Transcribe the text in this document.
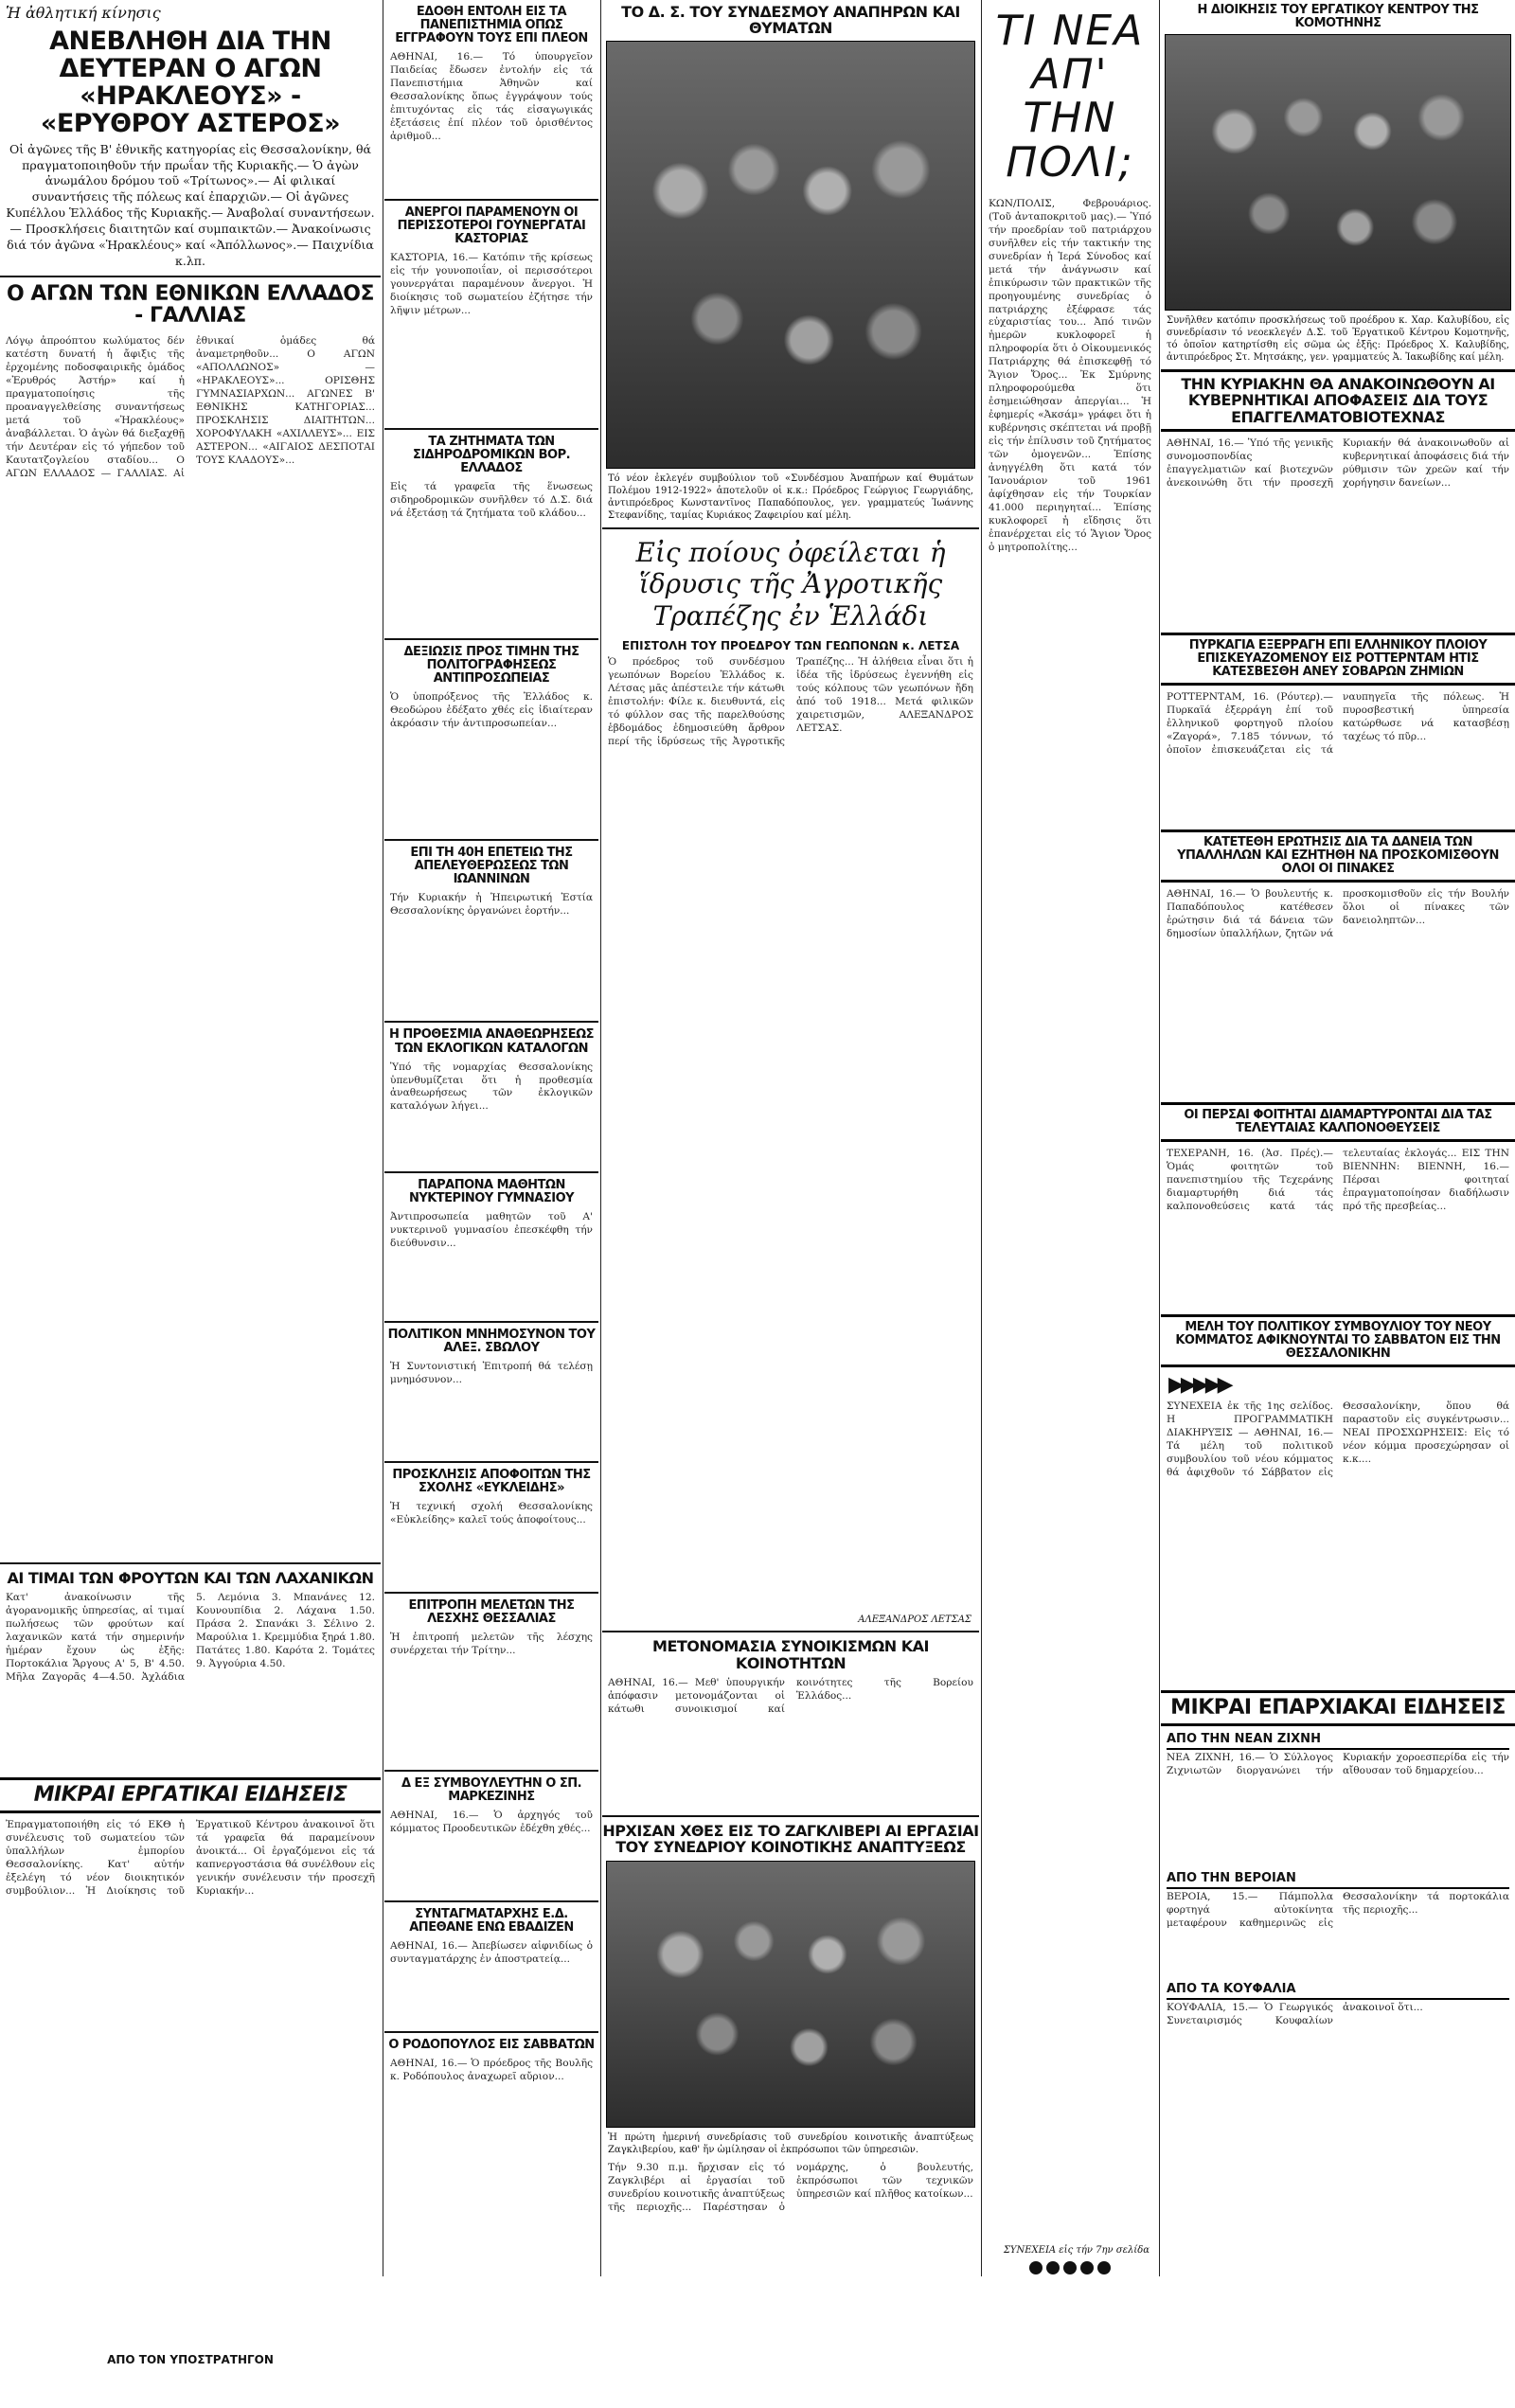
Ἡ ἀθλητική κίνησις
ΑΝΕΒΛΗΘΗ ΔΙΑ ΤΗΝ ΔΕΥΤΕΡΑΝ Ο ΑΓΩΝ «ΗΡΑΚΛΕΟΥΣ» - «ΕΡΥΘΡΟΥ ΑΣΤΕΡΟΣ»
Οἱ ἀγῶνες τῆς Β' ἐθνικῆς κατηγορίας εἰς Θεσσαλονίκην, θά πραγματοποιηθοῦν τήν πρωΐαν τῆς Κυριακῆς.— Ὁ ἀγὼν ἀνωμάλου δρόμου τοῦ «Τρίτωνος».— Αἱ φιλικαί συναντήσεις τῆς πόλεως καί ἐπαρχιῶν.— Οἱ ἀγῶνες Κυπέλλου Ἑλλάδος τῆς Κυριακῆς.— Ἀναβολαί συναντήσεων.— Προσκλήσεις διαιτητῶν καί συμπαικτῶν.— Ἀνακοίνωσις διά τόν ἀγῶνα «Ἡρακλέους» καί «Ἀπόλλωνος».— Παιχνίδια κ.λπ.
Ο ΑΓΩΝ ΤΩΝ ΕΘΝΙΚΩΝ ΕΛΛΑΔΟΣ - ΓΑΛΛΙΑΣ
Λόγῳ ἀπροόπτου κωλύματος δέν κατέστη δυνατή ἡ ἄφιξις τῆς ἐρχομένης ποδοσφαιρικῆς ὁμάδος «Ἐρυθρός Ἀστήρ» καί ἡ πραγματοποίησις τῆς προαναγγελθείσης συναντήσεως μετά τοῦ «Ἡρακλέους» ἀναβάλλεται. Ὁ ἀγὼν θά διεξαχθῇ τήν Δευτέραν εἰς τό γήπεδον τοῦ Καυτατζογλείου σταδίου... Ο ΑΓΩΝ ΕΛΛΑΔΟΣ — ΓΑΛΛΙΑΣ. Αἱ ἐθνικαί ὁμάδες θά ἀναμετρηθοῦν... Ο ΑΓΩΝ «ΑΠΟΛΛΩΝΟΣ» — «ΗΡΑΚΛΕΟΥΣ»... ΟΡΙΣΘΗΣ ΓΥΜΝΑΣΙΑΡΧΩΝ... ΑΓΩΝΕΣ Β' ΕΘΝΙΚΗΣ ΚΑΤΗΓΟΡΙΑΣ... ΠΡΟΣΚΛΗΣΙΣ ΔΙΑΙΤΗΤΩΝ... ΧΟΡΟΦΥΛΑΚΗ «ΑΧΙΛΛΕΥΣ»... ΕΙΣ ΑΣΤΕΡΟΝ... «ΑΙΓΑΙΟΣ ΔΕΣΠΟΤΑΙ ΤΟΥΣ ΚΛΑΔΟΥΣ»...
ΑΙ ΤΙΜΑΙ ΤΩΝ ΦΡΟΥΤΩΝ ΚΑΙ ΤΩΝ ΛΑΧΑΝΙΚΩΝ
Κατ' ἀνακοίνωσιν τῆς ἀγορανομικῆς ὑπηρεσίας, αἱ τιμαί πωλήσεως τῶν φρούτων καί λαχανικῶν κατά τήν σημερινήν ἡμέραν ἔχουν ὡς ἑξῆς: Πορτοκάλια Ἄργους Α' 5, Β' 4.50. Μῆλα Ζαγορᾶς 4—4.50. Ἀχλάδια 5. Λεμόνια 3. Μπανάνες 12. Κουνουπίδια 2. Λάχανα 1.50. Πράσα 2. Σπανάκι 3. Σέλινο 2. Μαρούλια 1. Κρεμμύδια ξηρά 1.80. Πατάτες 1.80. Καρότα 2. Τομάτες 9. Ἀγγούρια 4.50.
ΜΙΚΡΑΙ ΕΡΓΑΤΙΚΑΙ ΕΙΔΗΣΕΙΣ
Ἐπραγματοποιήθη εἰς τό ΕΚΘ ἡ συνέλευσις τοῦ σωματείου τῶν ὑπαλλήλων ἐμπορίου Θεσσαλονίκης. Κατ' αὐτήν ἐξελέγη τό νέον διοικητικόν συμβούλιον... Ἡ Διοίκησις τοῦ Ἐργατικοῦ Κέντρου ἀνακοινοῖ ὅτι τά γραφεῖα θά παραμείνουν ἀνοικτά... Οἱ ἐργαζόμενοι εἰς τά καπνεργοστάσια θά συνέλθουν εἰς γενικήν συνέλευσιν τήν προσεχῆ Κυριακήν...
ΑΠΟ ΤΟΝ ΥΠΟΣΤΡΑΤΗΓΟΝ
ΕΔΟΘΗ ΕΝΤΟΛΗ ΕΙΣ ΤΑ ΠΑΝΕΠΙΣΤΗΜΙΑ ΟΠΩΣ ΕΓΓΡΑΦΟΥΝ ΤΟΥΣ ΕΠΙ ΠΛΕΟΝ
ΑΘΗΝΑΙ, 16.— Τό ὑπουργεῖον Παιδείας ἔδωσεν ἐντολήν εἰς τά Πανεπιστήμια Ἀθηνῶν καί Θεσσαλονίκης ὅπως ἐγγράψουν τούς ἐπιτυχόντας εἰς τάς εἰσαγωγικάς ἐξετάσεις ἐπί πλέον τοῦ ὁρισθέντος ἀριθμοῦ...
ΑΝΕΡΓΟΙ ΠΑΡΑΜΕΝΟΥΝ ΟΙ ΠΕΡΙΣΣΟΤΕΡΟΙ ΓΟΥΝΕΡΓΑΤΑΙ ΚΑΣΤΟΡΙΑΣ
ΚΑΣΤΟΡΙΑ, 16.— Κατόπιν τῆς κρίσεως εἰς τήν γουνοποιΐαν, οἱ περισσότεροι γουνεργάται παραμένουν ἄνεργοι. Ἡ διοίκησις τοῦ σωματείου ἐζήτησε τήν λῆψιν μέτρων...
ΤΑ ΖΗΤΗΜΑΤΑ ΤΩΝ ΣΙΔΗΡΟΔΡΟΜΙΚΩΝ ΒΟΡ. ΕΛΛΑΔΟΣ
Εἰς τά γραφεῖα τῆς ἕνωσεως σιδηροδρομικῶν συνῆλθεν τό Δ.Σ. διά νά ἐξετάσῃ τά ζητήματα τοῦ κλάδου...
ΔΕΞΙΩΣΙΣ ΠΡΟΣ ΤΙΜΗΝ ΤΗΣ ΠΟΛΙΤΟΓΡΑΦΗΣΕΩΣ ΑΝΤΙΠΡΟΣΩΠΕΙΑΣ
Ὁ ὑποπρόξενος τῆς Ἑλλάδος κ. Θεοδώρου ἐδέξατο χθές εἰς ἰδιαίτεραν ἀκρόασιν τήν ἀντιπροσωπείαν...
ΕΠΙ ΤΗ 40Η ΕΠΕΤΕΙΩ ΤΗΣ ΑΠΕΛΕΥΘΕΡΩΣΕΩΣ ΤΩΝ ΙΩΑΝΝΙΝΩΝ
Τήν Κυριακήν ἡ Ἡπειρωτική Ἑστία Θεσσαλονίκης ὀργανώνει ἑορτήν...
Η ΠΡΟΘΕΣΜΙΑ ΑΝΑΘΕΩΡΗΣΕΩΣ ΤΩΝ ΕΚΛΟΓΙΚΩΝ ΚΑΤΑΛΟΓΩΝ
Ὑπό τῆς νομαρχίας Θεσσαλονίκης ὑπενθυμίζεται ὅτι ἡ προθεσμία ἀναθεωρήσεως τῶν ἐκλογικῶν καταλόγων λήγει...
ΠΑΡΑΠΟΝΑ ΜΑΘΗΤΩΝ ΝΥΚΤΕΡΙΝΟΥ ΓΥΜΝΑΣΙΟΥ
Ἀντιπροσωπεία μαθητῶν τοῦ Α' νυκτερινοῦ γυμνασίου ἐπεσκέφθη τήν διεύθυνσιν...
ΠΟΛΙΤΙΚΟΝ ΜΝΗΜΟΣΥΝΟΝ ΤΟΥ ΑΛΕΞ. ΣΒΩΛΟΥ
Ἡ Συντονιστική Ἐπιτροπή θά τελέσῃ μνημόσυνον...
ΠΡΟΣΚΛΗΣΙΣ ΑΠΟΦΟΙΤΩΝ ΤΗΣ ΣΧΟΛΗΣ «ΕΥΚΛΕΙΔΗΣ»
Ἡ τεχνική σχολή Θεσσαλονίκης «Εὐκλείδης» καλεῖ τούς ἀποφοίτους...
ΕΠΙΤΡΟΠΗ ΜΕΛΕΤΩΝ ΤΗΣ ΛΕΣΧΗΣ ΘΕΣΣΑΛΙΑΣ
Ἡ ἐπιτροπή μελετῶν τῆς λέσχης συνέρχεται τήν Τρίτην...
Δ ΕΞ ΣΥΜΒΟΥΛΕΥΤΗΝ Ο ΣΠ. ΜΑΡΚΕΖΙΝΗΣ
ΑΘΗΝΑΙ, 16.— Ὁ ἀρχηγός τοῦ κόμματος Προοδευτικῶν ἐδέχθη χθές...
ΣΥΝΤΑΓΜΑΤΑΡΧΗΣ Ε.Δ. ΑΠΕΘΑΝΕ ΕΝΩ ΕΒΑΔΙΖΕΝ
ΑΘΗΝΑΙ, 16.— Ἀπεβίωσεν αἰφνιδίως ὁ συνταγματάρχης ἐν ἀποστρατείᾳ...
Ο ΡΟΔΟΠΟΥΛΟΣ ΕΙΣ ΣΑΒΒΑΤΩΝ
ΑΘΗΝΑΙ, 16.— Ὁ πρόεδρος τῆς Βουλῆς κ. Ροδόπουλος ἀναχωρεῖ αὔριον...
ΤΟ Δ. Σ. ΤΟΥ ΣΥΝΔΕΣΜΟΥ ΑΝΑΠΗΡΩΝ ΚΑΙ ΘΥΜΑΤΩΝ
Τό νέον ἐκλεγέν συμβούλιον τοῦ «Συνδέσμου Ἀναπήρων καί Θυμάτων Πολέμου 1912-1922» ἀποτελοῦν οἱ κ.κ.: Πρόεδρος Γεώργιος Γεωργιάδης, ἀντιπρόεδρος Κωνσταντῖνος Παπαδόπουλος, γεν. γραμματεύς Ἰωάννης Στεφανίδης, ταμίας Κυριάκος Ζαφειρίου καί μέλη.
Εἰς ποίους ὀφείλεται ἡ ἵδρυσις τῆς Ἀγροτικῆς Τραπέζης ἐν Ἑλλάδι
ΕΠΙΣΤΟΛΗ ΤΟΥ ΠΡΟΕΔΡΟΥ ΤΩΝ ΓΕΩΠΟΝΩΝ κ. ΛΕΤΣΑ
Ὁ πρόεδρος τοῦ συνδέσμου γεωπόνων Βορείου Ἑλλάδος κ. Λέτσας μᾶς ἀπέστειλε τήν κάτωθι ἐπιστολήν: Φίλε κ. διευθυντά, εἰς τό φύλλον σας τῆς παρελθούσης ἑβδομάδος ἐδημοσιεύθη ἄρθρον περί τῆς ἱδρύσεως τῆς Ἀγροτικῆς Τραπέζης... Ἡ ἀλήθεια εἶναι ὅτι ἡ ἰδέα τῆς ἱδρύσεως ἐγεννήθη εἰς τούς κόλπους τῶν γεωπόνων ἤδη ἀπό τοῦ 1918... Μετά φιλικῶν χαιρετισμῶν, ΑΛΕΞΑΝΔΡΟΣ ΛΕΤΣΑΣ.
ΑΛΕΞΑΝΔΡΟΣ ΛΕΤΣΑΣ
ΜΕΤΟΝΟΜΑΣΙΑ ΣΥΝΟΙΚΙΣΜΩΝ ΚΑΙ ΚΟΙΝΟΤΗΤΩΝ
ΑΘΗΝΑΙ, 16.— Μεθ' ὑπουργικήν ἀπόφασιν μετονομάζονται οἱ κάτωθι συνοικισμοί καί κοινότητες τῆς Βορείου Ἑλλάδος...
ΗΡΧΙΣΑΝ ΧΘΕΣ ΕΙΣ ΤΟ ΖΑΓΚΛΙΒΕΡΙ ΑΙ ΕΡΓΑΣΙΑΙ ΤΟΥ ΣΥΝΕΔΡΙΟΥ ΚΟΙΝΟΤΙΚΗΣ ΑΝΑΠΤΥΞΕΩΣ
Ἡ πρώτη ἡμερινή συνεδρίασις τοῦ συνεδρίου κοινοτικῆς ἀναπτύξεως Ζαγκλιβερίου, καθ' ἥν ὡμίλησαν οἱ ἐκπρόσωποι τῶν ὑπηρεσιῶν.
Τήν 9.30 π.μ. ἤρχισαν εἰς τό Ζαγκλιβέρι αἱ ἐργασίαι τοῦ συνεδρίου κοινοτικῆς ἀναπτύξεως τῆς περιοχῆς... Παρέστησαν ὁ νομάρχης, ὁ βουλευτής, ἐκπρόσωποι τῶν τεχνικῶν ὑπηρεσιῶν καί πλῆθος κατοίκων...
ΤΙ ΝΕΑ ΑΠ' ΤΗΝ ΠΟΛΙ;
ΚΩΝ/ΠΟΛΙΣ, Φεβρουάριος. (Τοῦ ἀνταποκριτοῦ μας).— Ὑπό τήν προεδρίαν τοῦ πατριάρχου συνῆλθεν εἰς τήν τακτικήν της συνεδρίαν ἡ Ἱερά Σύνοδος καί μετά τήν ἀνάγνωσιν καί ἐπικύρωσιν τῶν πρακτικῶν τῆς προηγουμένης συνεδρίας ὁ πατριάρχης ἐξέφρασε τάς εὐχαριστίας του... Ἀπό τινῶν ἡμερῶν κυκλοφορεῖ ἡ πληροφορία ὅτι ὁ Οἰκουμενικός Πατριάρχης θά ἐπισκεφθῇ τό Ἅγιον Ὄρος... Ἐκ Σμύρνης πληροφορούμεθα ὅτι ἐσημειώθησαν ἀπεργίαι... Ἡ ἐφημερίς «Ἀκσάμ» γράφει ὅτι ἡ κυβέρνησις σκέπτεται νά προβῇ εἰς τήν ἐπίλυσιν τοῦ ζητήματος τῶν ὁμογενῶν... Ἐπίσης ἀνηγγέλθη ὅτι κατά τόν Ἰανουάριον τοῦ 1961 ἀφίχθησαν εἰς τήν Τουρκίαν 41.000 περιηγηταί... Ἐπίσης κυκλοφορεῖ ἡ εἴδησις ὅτι ἐπανέρχεται εἰς τό Ἅγιον Ὄρος ὁ μητροπολίτης...
ΣΥΝΕΧΕΙΑ εἰς τήν 7ην σελίδα
Η ΔΙΟΙΚΗΣΙΣ ΤΟΥ ΕΡΓΑΤΙΚΟΥ ΚΕΝΤΡΟΥ ΤΗΣ ΚΟΜΟΤΗΝΗΣ
Συνῆλθεν κατόπιν προσκλήσεως τοῦ προέδρου κ. Χαρ. Καλυβίδου, εἰς συνεδρίασιν τό νεοεκλεγέν Δ.Σ. τοῦ Ἐργατικοῦ Κέντρου Κομοτηνῆς, τό ὁποῖον κατηρτίσθη εἰς σῶμα ὡς ἑξῆς: Πρόεδρος Χ. Καλυβίδης, ἀντιπρόεδρος Στ. Μητσάκης, γεν. γραμματεύς Ἀ. Ἰακωβίδης καί μέλη.
ΤΗΝ ΚΥΡΙΑΚΗΝ ΘΑ ΑΝΑΚΟΙΝΩΘΟΥΝ ΑΙ ΚΥΒΕΡΝΗΤΙΚΑΙ ΑΠΟΦΑΣΕΙΣ ΔΙΑ ΤΟΥΣ ΕΠΑΓΓΕΛΜΑΤΟΒΙΟΤΕΧΝΑΣ
ΑΘΗΝΑΙ, 16.— Ὑπό τῆς γενικῆς συνομοσπονδίας ἐπαγγελματιῶν καί βιοτεχνῶν ἀνεκοινώθη ὅτι τήν προσεχῆ Κυριακήν θά ἀνακοινωθοῦν αἱ κυβερνητικαί ἀποφάσεις διά τήν ρύθμισιν τῶν χρεῶν καί τήν χορήγησιν δανείων...
ΠΥΡΚΑΓΙΑ ΕΞΕΡΡΑΓΗ ΕΠΙ ΕΛΛΗΝΙΚΟΥ ΠΛΟΙΟΥ ΕΠΙΣΚΕΥΑΖΟΜΕΝΟΥ ΕΙΣ ΡΟΤΤΕΡΝΤΑΜ ΗΤΙΣ ΚΑΤΕΣΒΕΣΘΗ ΑΝΕΥ ΣΟΒΑΡΩΝ ΖΗΜΙΩΝ
ΡΟΤΤΕΡΝΤΑΜ, 16. (Ρόυτερ).— Πυρκαϊά ἐξερράγη ἐπί τοῦ ἑλληνικοῦ φορτηγοῦ πλοίου «Ζαγορά», 7.185 τόννων, τό ὁποῖον ἐπισκευάζεται εἰς τά ναυπηγεῖα τῆς πόλεως. Ἡ πυροσβεστική ὑπηρεσία κατώρθωσε νά κατασβέσῃ ταχέως τό πῦρ...
ΚΑΤΕΤΕΘΗ ΕΡΩΤΗΣΙΣ ΔΙΑ ΤΑ ΔΑΝΕΙΑ ΤΩΝ ΥΠΑΛΛΗΛΩΝ ΚΑΙ ΕΖΗΤΗΘΗ ΝΑ ΠΡΟΣΚΟΜΙΣΘΟΥΝ ΟΛΟΙ ΟΙ ΠΙΝΑΚΕΣ
ΑΘΗΝΑΙ, 16.— Ὁ βουλευτής κ. Παπαδόπουλος κατέθεσεν ἐρώτησιν διά τά δάνεια τῶν δημοσίων ὑπαλλήλων, ζητῶν νά προσκομισθοῦν εἰς τήν Βουλήν ὅλοι οἱ πίνακες τῶν δανειοληπτῶν...
ΟΙ ΠΕΡΣΑΙ ΦΟΙΤΗΤΑΙ ΔΙΑΜΑΡΤΥΡΟΝΤΑΙ ΔΙΑ ΤΑΣ ΤΕΛΕΥΤΑΙΑΣ ΚΑΛΠΟΝΟΘΕΥΣΕΙΣ
ΤΕΧΕΡΑΝΗ, 16. (Ἀσ. Πρές).— Ὁμάς φοιτητῶν τοῦ πανεπιστημίου τῆς Τεχεράνης διαμαρτυρήθη διά τάς καλπονοθεύσεις κατά τάς τελευταίας ἐκλογάς... ΕΙΣ ΤΗΝ ΒΙΕΝΝΗΝ: ΒΙΕΝΝΗ, 16.— Πέρσαι φοιτηταί ἐπραγματοποίησαν διαδήλωσιν πρό τῆς πρεσβείας...
ΜΕΛΗ ΤΟΥ ΠΟΛΙΤΙΚΟΥ ΣΥΜΒΟΥΛΙΟΥ ΤΟΥ ΝΕΟΥ ΚΟΜΜΑΤΟΣ ΑΦΙΚΝΟΥΝΤΑΙ ΤΟ ΣΑΒΒΑΤΟΝ ΕΙΣ ΤΗΝ ΘΕΣΣΑΛΟΝΙΚΗΝ
▶▶▶▶▶
ΣΥΝΕΧΕΙΑ ἐκ τῆς 1ης σελίδος. Η ΠΡΟΓΡΑΜΜΑΤΙΚΗ ΔΙΑΚΗΡΥΞΙΣ — ΑΘΗΝΑΙ, 16.— Τά μέλη τοῦ πολιτικοῦ συμβουλίου τοῦ νέου κόμματος θά ἀφιχθοῦν τό Σάββατον εἰς Θεσσαλονίκην, ὅπου θά παραστοῦν εἰς συγκέντρωσιν... ΝΕΑΙ ΠΡΟΣΧΩΡΗΣΕΙΣ: Εἰς τό νέον κόμμα προσεχώρησαν οἱ κ.κ....
ΜΙΚΡΑΙ ΕΠΑΡΧΙΑΚΑΙ ΕΙΔΗΣΕΙΣ
ΑΠΟ ΤΗΝ ΝΕΑΝ ΖΙΧΝΗ
ΝΕΑ ΖΙΧΝΗ, 16.— Ὁ Σύλλογος Ζιχνιωτῶν διοργανώνει τήν Κυριακήν χοροεσπερίδα εἰς τήν αἴθουσαν τοῦ δημαρχείου...
ΑΠΟ ΤΗΝ ΒΕΡΟΙΑΝ
ΒΕΡΟΙΑ, 15.— Πάμπολλα φορτηγά αὐτοκίνητα μεταφέρουν καθημερινῶς εἰς Θεσσαλονίκην τά πορτοκάλια τῆς περιοχῆς...
ΑΠΟ ΤΑ ΚΟΥΦΑΛΙΑ
ΚΟΥΦΑΛΙΑ, 15.— Ὁ Γεωργικός Συνεταιρισμός Κουφαλίων ἀνακοινοῖ ὅτι...
